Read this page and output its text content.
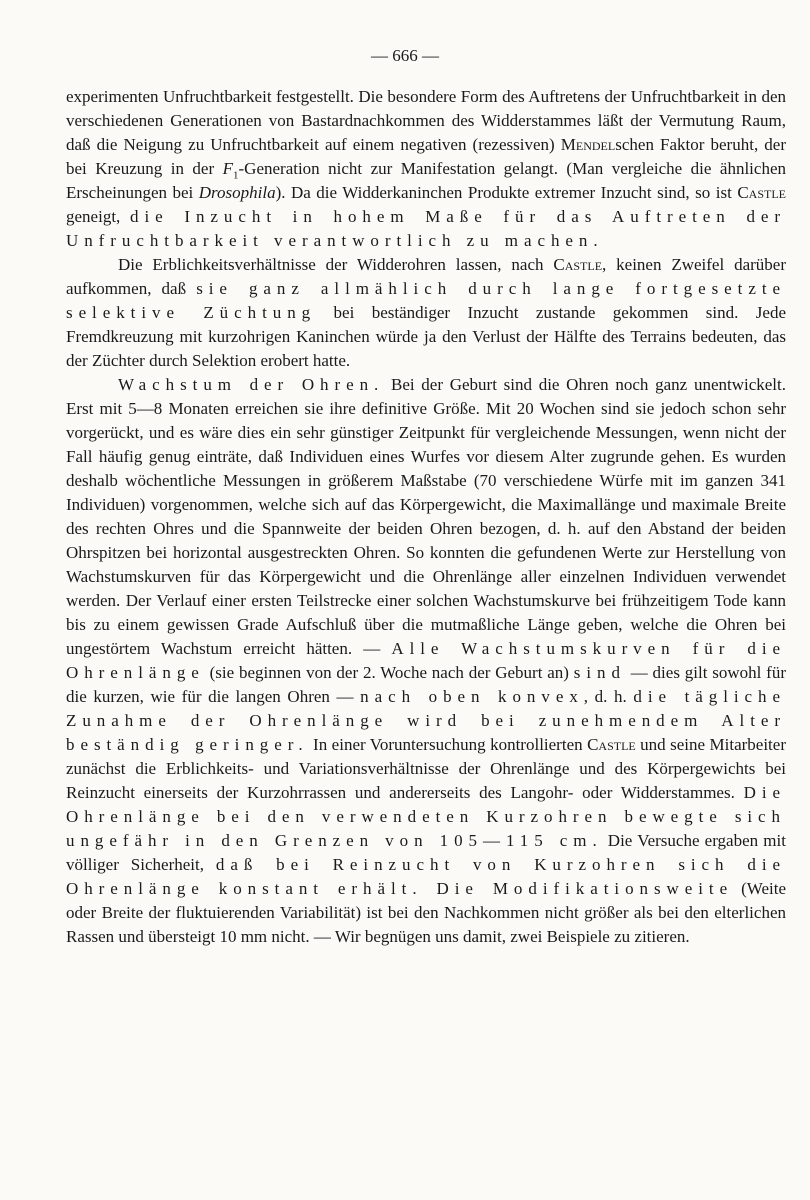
— 666 —

experimenten Unfruchtbarkeit festgestellt. Die besondere Form des Auftretens der Unfruchtbarkeit in den verschiedenen Generationen von Bastardnachkommen des Widderstammes läßt der Vermutung Raum, daß die Neigung zu Unfruchtbarkeit auf einem negativen (rezessiven) Mendelschen Faktor beruht, der bei Kreuzung in der $F_1$-Generation nicht zur Manifestation gelangt. (Man vergleiche die ähnlichen Erscheinungen bei Drosophila). Da die Widderkaninchen Produkte extremer Inzucht sind, so ist Castle geneigt, die Inzucht in hohem Maße für das Auftreten der Unfruchtbarkeit verantwortlich zu machen.

Die Erblichkeitsverhältnisse der Widderohren lassen, nach Castle, keinen Zweifel darüber aufkommen, daß sie ganz allmählich durch lange fortgesetzte selektive Züchtung bei beständiger Inzucht zustande gekommen sind. Jede Fremdkreuzung mit kurzohrigen Kaninchen würde ja den Verlust der Hälfte des Terrains bedeuten, das der Züchter durch Selektion erobert hatte.

Wachstum der Ohren. Bei der Geburt sind die Ohren noch ganz unentwickelt. Erst mit 5—8 Monaten erreichen sie ihre definitive Größe. Mit 20 Wochen sind sie jedoch schon sehr vorgerückt, und es wäre dies ein sehr günstiger Zeitpunkt für vergleichende Messungen, wenn nicht der Fall häufig genug einträte, daß Individuen eines Wurfes vor diesem Alter zugrunde gehen. Es wurden deshalb wöchentliche Messungen in größerem Maßstabe (70 verschiedene Würfe mit im ganzen 341 Individuen) vorgenommen, welche sich auf das Körpergewicht, die Maximallänge und maximale Breite des rechten Ohres und die Spannweite der beiden Ohren bezogen, d. h. auf den Abstand der beiden Ohrspitzen bei horizontal ausgestreckten Ohren. So konnten die gefundenen Werte zur Herstellung von Wachstumskurven für das Körpergewicht und die Ohrenlänge aller einzelnen Individuen verwendet werden. Der Verlauf einer ersten Teilstrecke einer solchen Wachstumskurve bei frühzeitigem Tode kann bis zu einem gewissen Grade Aufschluß über die mutmaßliche Länge geben, welche die Ohren bei ungestörtem Wachstum erreicht hätten. — Alle Wachstumskurven für die Ohrenlänge (sie beginnen von der 2. Woche nach der Geburt an) sind — dies gilt sowohl für die kurzen, wie für die langen Ohren — nach oben konvex, d. h. die tägliche Zunahme der Ohrenlänge wird bei zunehmendem Alter beständig geringer. In einer Voruntersuchung kontrollierten Castle und seine Mitarbeiter zunächst die Erblichkeits- und Variationsverhältnisse der Ohrenlänge und des Körpergewichts bei Reinzucht einerseits der Kurzohrrassen und andererseits des Langohr- oder Widderstammes. Die Ohrenlänge bei den verwendeten Kurzohren bewegte sich ungefähr in den Grenzen von 105—115 cm. Die Versuche ergaben mit völliger Sicherheit, daß bei Reinzucht von Kurzohren sich die Ohrenlänge konstant erhält. Die Modifikationsweite (Weite oder Breite der fluktuierenden Variabilität) ist bei den Nachkommen nicht größer als bei den elterlichen Rassen und übersteigt 10 mm nicht. — Wir begnügen uns damit, zwei Beispiele zu zitieren.
